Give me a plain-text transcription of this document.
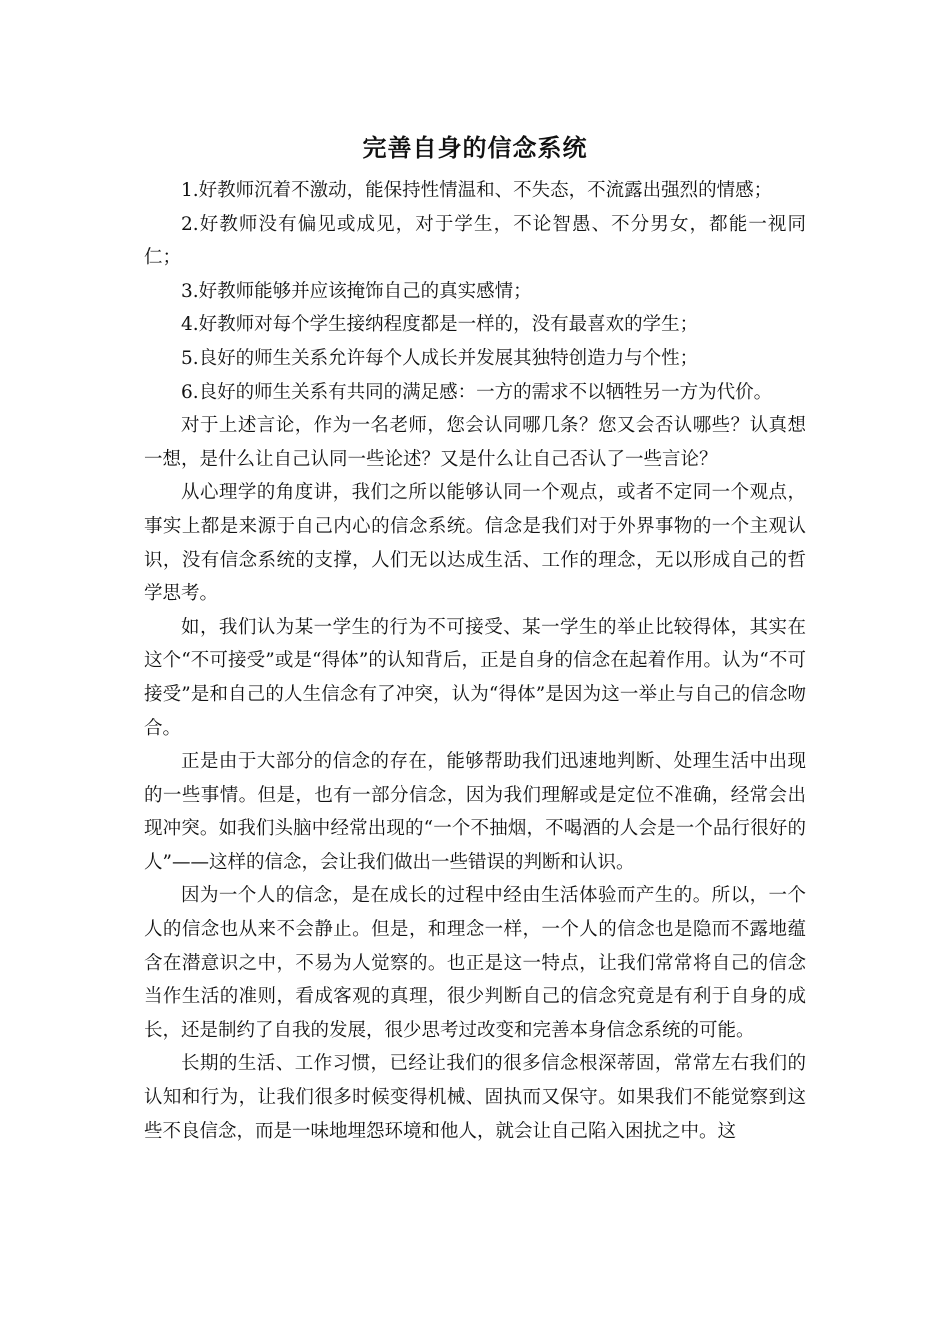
完善自身的信念系统

1.好教师沉着不激动，能保持性情温和、不失态，不流露出强烈的情感；

2.好教师没有偏见或成见，对于学生，不论智愚、不分男女，都能一视同仁；

3.好教师能够并应该掩饰自己的真实感情；

4.好教师对每个学生接纳程度都是一样的，没有最喜欢的学生；

5.良好的师生关系允许每个人成长并发展其独特创造力与个性；

6.良好的师生关系有共同的满足感：一方的需求不以牺牲另一方为代价。

对于上述言论，作为一名老师，您会认同哪几条？您又会否认哪些？认真想一想，是什么让自己认同一些论述？又是什么让自己否认了一些言论？

从心理学的角度讲，我们之所以能够认同一个观点，或者不定同一个观点，事实上都是来源于自己内心的信念系统。信念是我们对于外界事物的一个主观认识，没有信念系统的支撑，人们无以达成生活、工作的理念，无以形成自己的哲学思考。

如，我们认为某一学生的行为不可接受、某一学生的举止比较得体，其实在这个“不可接受”或是“得体”的认知背后，正是自身的信念在起着作用。认为“不可接受”是和自己的人生信念有了冲突，认为“得体”是因为这一举止与自己的信念吻合。

正是由于大部分的信念的存在，能够帮助我们迅速地判断、处理生活中出现的一些事情。但是，也有一部分信念，因为我们理解或是定位不准确，经常会出现冲突。如我们头脑中经常出现的“一个不抽烟，不喝酒的人会是一个品行很好的人”——这样的信念，会让我们做出一些错误的判断和认识。

因为一个人的信念，是在成长的过程中经由生活体验而产生的。所以，一个人的信念也从来不会静止。但是，和理念一样，一个人的信念也是隐而不露地蕴含在潜意识之中，不易为人觉察的。也正是这一特点，让我们常常将自己的信念当作生活的准则，看成客观的真理，很少判断自己的信念究竟是有利于自身的成长，还是制约了自我的发展，很少思考过改变和完善本身信念系统的可能。

长期的生活、工作习惯，已经让我们的很多信念根深蒂固，常常左右我们的认知和行为，让我们很多时候变得机械、固执而又保守。如果我们不能觉察到这些不良信念，而是一味地埋怨环境和他人，就会让自己陷入困扰之中。这
